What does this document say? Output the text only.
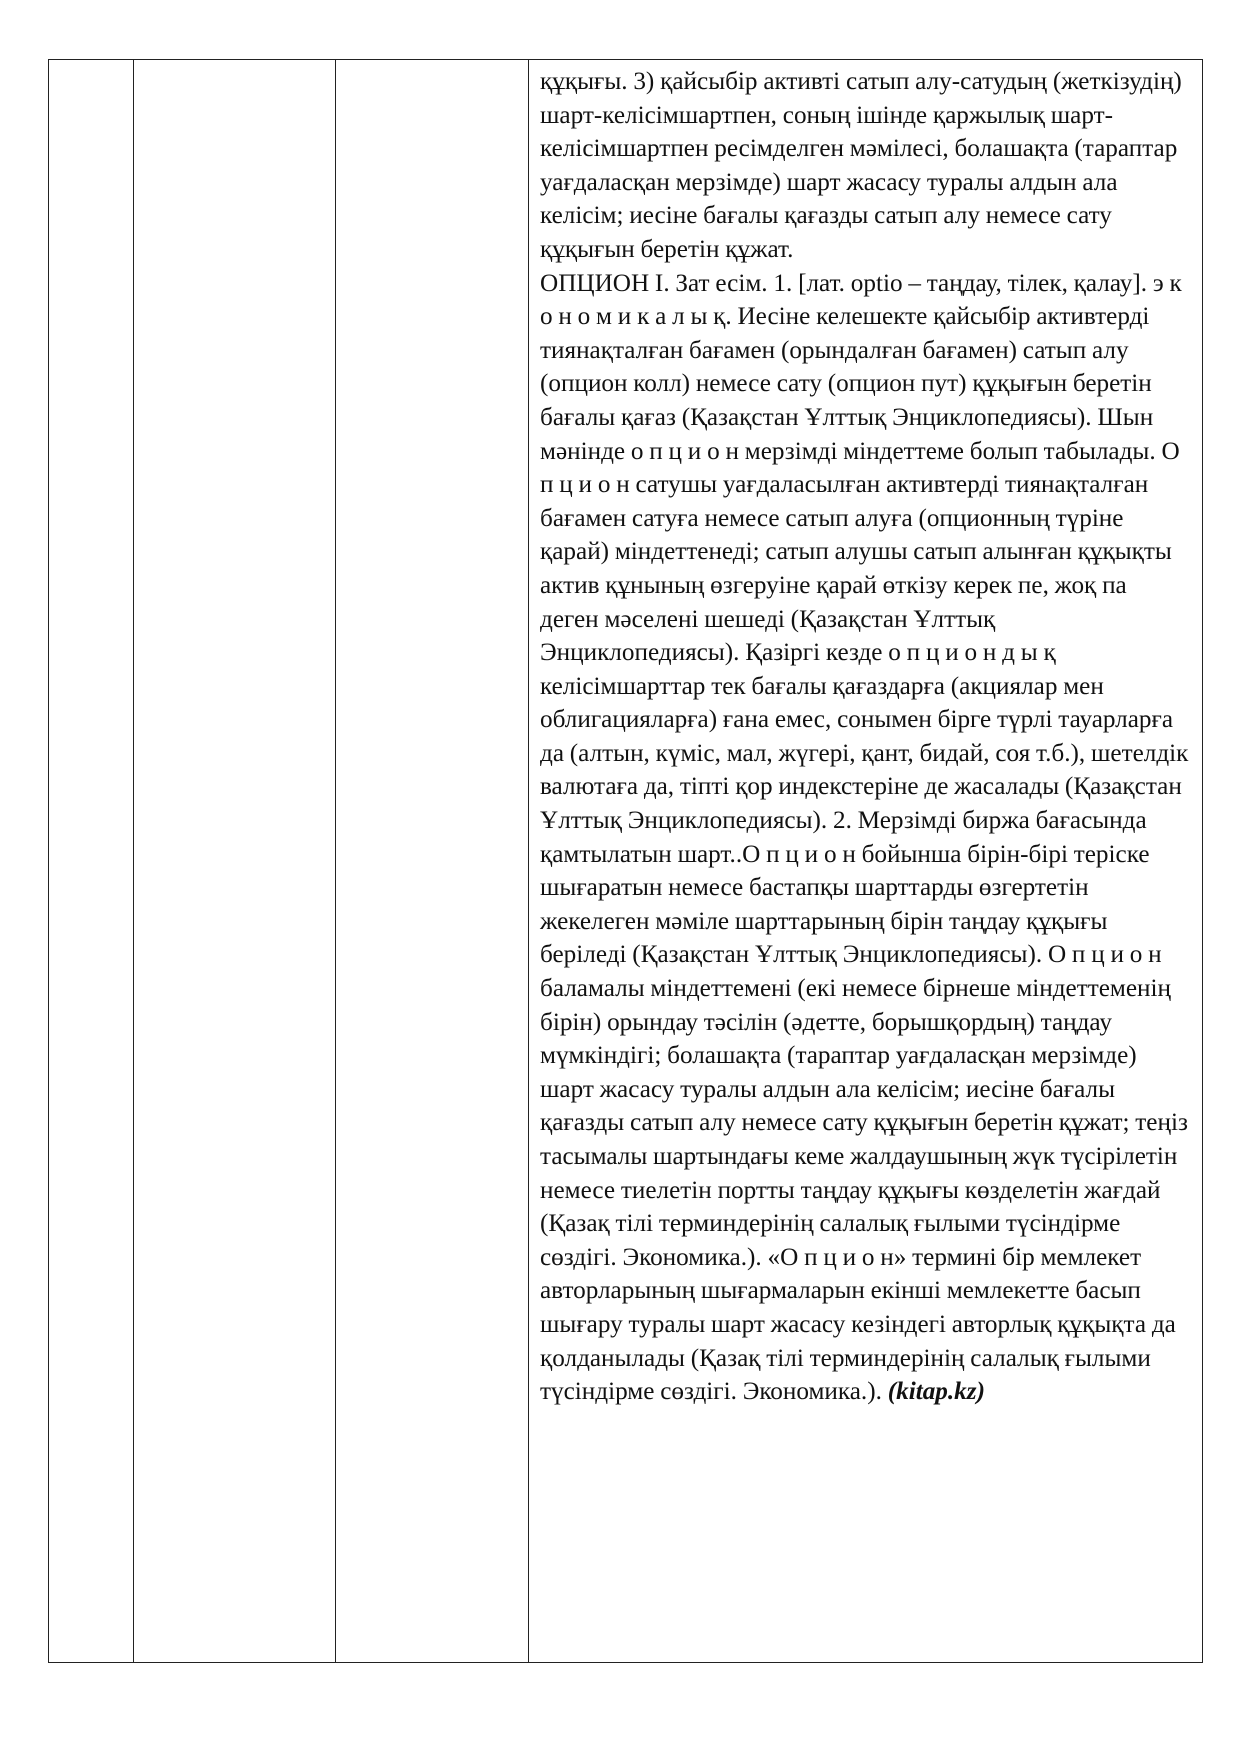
құқығы. 3) қайсыбір активті сатып алу-сатудың (жеткізудің) шарт-келісімшартпен, соның ішінде қаржылық шарт-келісімшартпен ресімделген мәмілесі, болашақта (тараптар уағдаласқан мерзімде) шарт жасасу туралы алдын ала келісім; иесіне бағалы қағазды сатып алу немесе сату құқығын беретін құжат.
ОПЦИОН I. Зат есім. 1. [лат. optio – таңдау, тілек, қалау]. э к о н о м и к а л ы қ. Иесіне келешекте қайсыбір активтерді тиянақталған бағамен (орындалған бағамен) сатып алу (опцион колл) немесе сату (опцион пут) құқығын беретін бағалы қағаз (Қазақстан Ұлттық Энциклопедиясы). Шын мәнінде о п ц и о н мерзімді міндеттеме болып табылады. О п ц и о н сатушы уағдаласылған активтерді тиянақталған бағамен сатуға немесе сатып алуға (опционның түріне қарай) міндеттенеді; сатып алушы сатып алынған құқықты актив құнының өзгеруіне қарай өткізу керек пе, жоқ па деген мәселені шешеді (Қазақстан Ұлттық Энциклопедиясы). Қазіргі кезде о п ц и о н д ы қ келісімшарттар тек бағалы қағаздарға (акциялар мен облигацияларға) ғана емес, сонымен бірге түрлі тауарларға да (алтын, күміс, мал, жүгері, қант, бидай, соя т.б.), шетелдік валютаға да, тіпті қор индекстеріне де жасалады (Қазақстан Ұлттық Энциклопедиясы). 2. Мерзімді биржа бағасында қамтылатын шарт..О п ц и о н бойынша бірін-бірі теріске шығаратын немесе бастапқы шарттарды өзгертетін жекелеген мәміле шарттарының бірін таңдау құқығы беріледі (Қазақстан Ұлттық Энциклопедиясы). О п ц и о н баламалы міндеттемені (екі немесе бірнеше міндеттеменің бірін) орындау тәсілін (әдетте, борышқордың) таңдау мүмкіндігі; болашақта (тараптар уағдаласқан мерзімде) шарт жасасу туралы алдын ала келісім; иесіне бағалы қағазды сатып алу немесе сату құқығын беретін құжат; теңіз тасымалы шартындағы кеме жалдаушының жүк түсірілетін немесе тиелетін портты таңдау құқығы көзделетін жағдай (Қазақ тілі терминдерінің салалық ғылыми түсіндірме сөздігі. Экономика.). «О п ц и о н» термині бір мемлекет авторларының шығармаларын екінші мемлекетте басып шығару туралы шарт жасасу кезіндегі авторлық құқықта да қолданылады (Қазақ тілі терминдерінің салалық ғылыми түсіндірме сөздігі. Экономика.). (kitap.kz)
